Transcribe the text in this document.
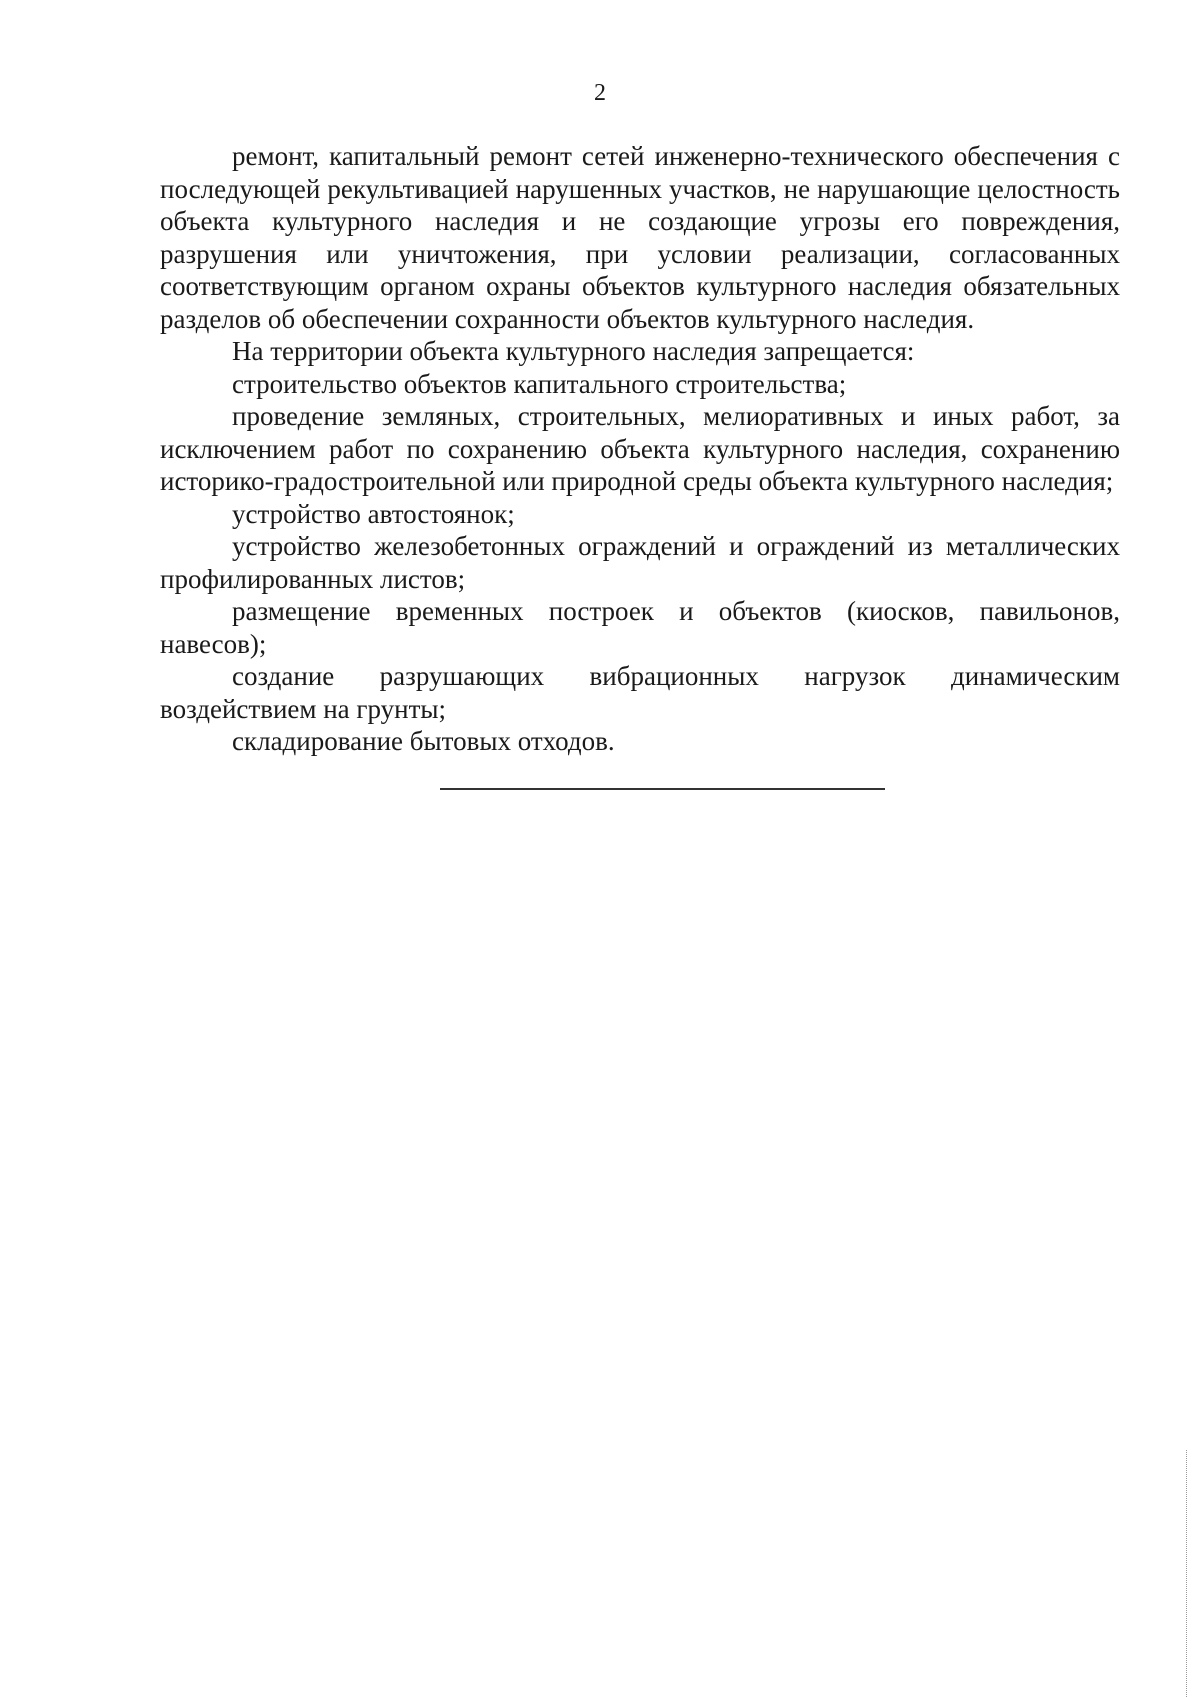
2

ремонт, капитальный ремонт сетей инженерно-технического обеспечения с последующей рекультивацией нарушенных участков, не нарушающие целостность объекта культурного наследия и не создающие угрозы его повреждения, разрушения или уничтожения, при условии реализации, согласованных соответствующим органом охраны объектов культурного наследия обязательных разделов об обеспечении сохранности объектов культурного наследия.

На территории объекта культурного наследия запрещается:

строительство объектов капитального строительства;

проведение земляных, строительных, мелиоративных и иных работ, за исключением работ по сохранению объекта культурного наследия, сохранению историко-градостроительной или природной среды объекта культурного наследия;

устройство автостоянок;

устройство железобетонных ограждений и ограждений из металлических профилированных листов;

размещение временных построек и объектов (киосков, павильонов, навесов);

создание разрушающих вибрационных нагрузок динамическим воздействием на грунты;

складирование бытовых отходов.
